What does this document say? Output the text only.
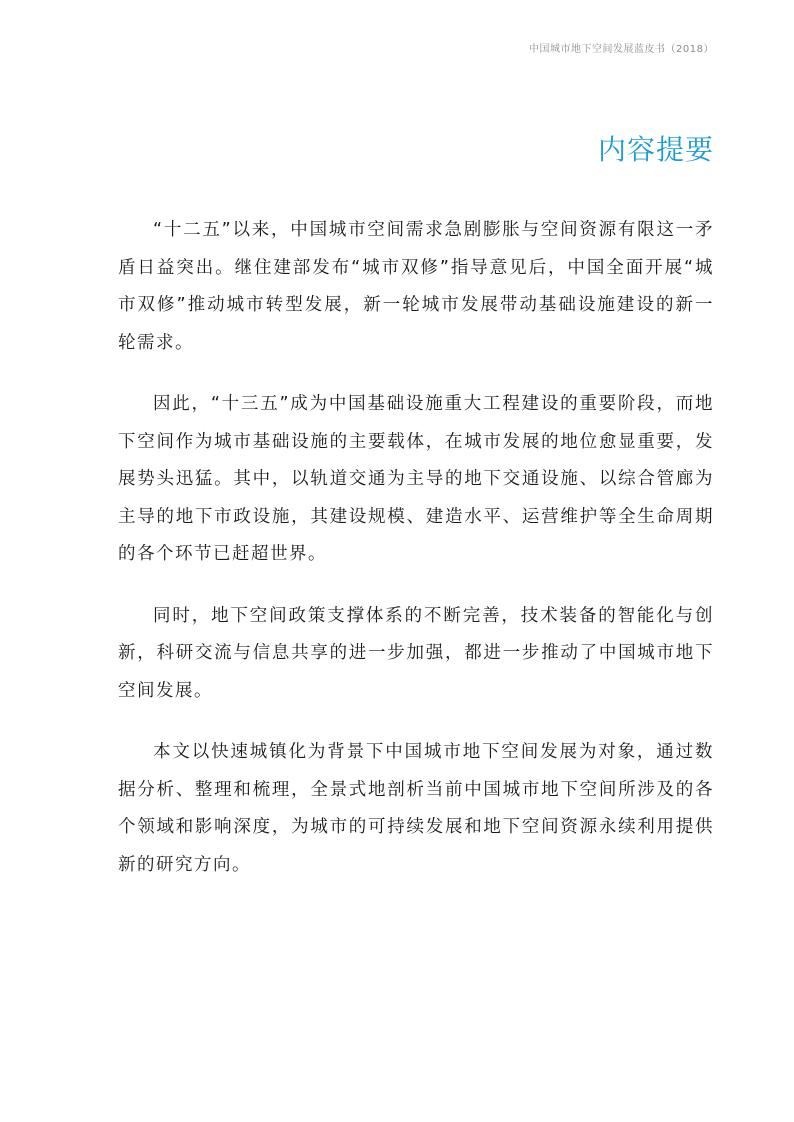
中国城市地下空间发展蓝皮书（2018）
内容提要

“十二五”以来，中国城市空间需求急剧膨胀与空间资源有限这一矛盾日益突出。继住建部发布“城市双修”指导意见后，中国全面开展“城市双修”推动城市转型发展，新一轮城市发展带动基础设施建设的新一轮需求。

因此，“十三五”成为中国基础设施重大工程建设的重要阶段，而地下空间作为城市基础设施的主要载体，在城市发展的地位愈显重要，发展势头迅猛。其中，以轨道交通为主导的地下交通设施、以综合管廊为主导的地下市政设施，其建设规模、建造水平、运营维护等全生命周期的各个环节已赶超世界。

同时，地下空间政策支撑体系的不断完善，技术装备的智能化与创新，科研交流与信息共享的进一步加强，都进一步推动了中国城市地下空间发展。

本文以快速城镇化为背景下中国城市地下空间发展为对象，通过数据分析、整理和梳理，全景式地剖析当前中国城市地下空间所涉及的各个领域和影响深度，为城市的可持续发展和地下空间资源永续利用提供新的研究方向。
